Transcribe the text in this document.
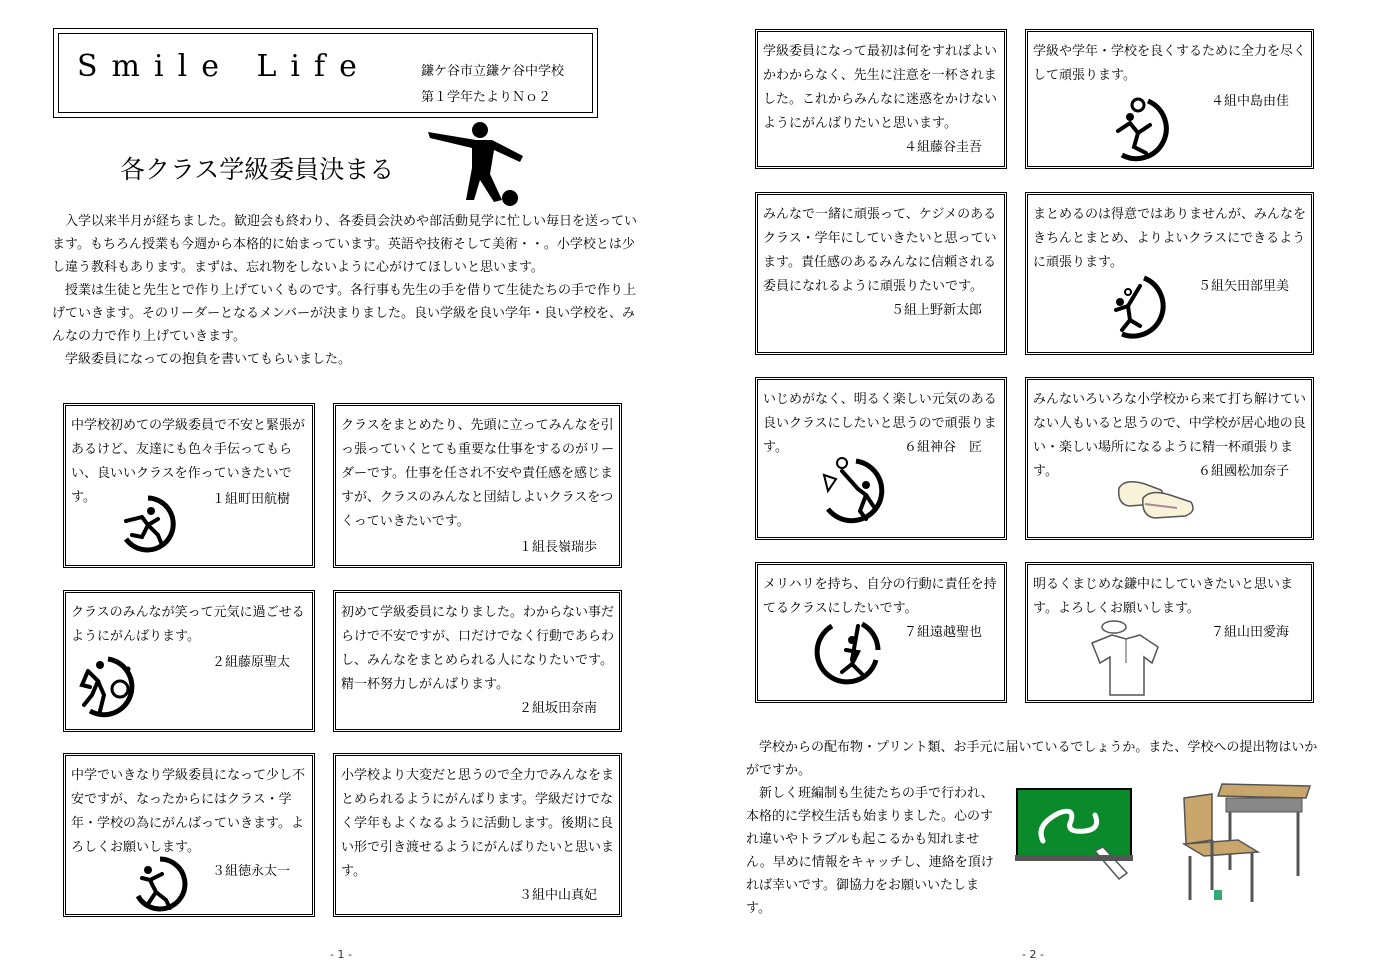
Smile Life	鎌ケ谷市立鎌ケ谷中学校
第１学年たよりＮｏ２
各クラス学級委員決まる

入学以来半月が経ちました。歓迎会も終わり、各委員会決めや部活動見学に忙しい毎日を送っています。もちろん授業も今週から本格的に始まっています。英語や技術そして美術・・。小学校とは少し違う教科もあります。まずは、忘れ物をしないように心がけてほしいと思います。

授業は生徒と先生とで作り上げていくものです。各行事も先生の手を借りて生徒たちの手で作り上げていきます。そのリーダーとなるメンバーが決まりました。良い学級を良い学年・良い学校を、みんなの力で作り上げていきます。

学級委員になっての抱負を書いてもらいました。

中学校初めての学級委員で不安と緊張があるけど、友達にも色々手伝ってもらい、良いいクラスを作っていきたいです。	１組町田航樹
クラスをまとめたり、先頭に立ってみんなを引っ張っていくとても重要な仕事をするのがリーダーです。仕事を任され不安や責任感を感じますが、クラスのみんなと団結しよいクラスをつくっていきたいです。
１組長嶺瑞歩
クラスのみんなが笑って元気に過ごせるようにがんばります。
２組藤原聖太
初めて学級委員になりました。わからない事だらけで不安ですが、口だけでなく行動であらわし、みんなをまとめられる人になりたいです。精一杯努力しがんばります。
２組坂田奈南
中学でいきなり学級委員になって少し不安ですが、なったからにはクラス・学年・学校の為にがんばっていきます。よろしくお願いします。
３組徳永太一
小学校より大変だと思うので全力でみんなをまとめられるようにがんばります。学級だけでなく学年もよくなるように活動します。後期に良い形で引き渡せるようにがんばりたいと思います。
３組中山真妃
- 1 -
学級委員になって最初は何をすればよいかわからなく、先生に注意を一杯されました。これからみんなに迷惑をかけないようにがんばりたいと思います。
４組藤谷圭吾
学級や学年・学校を良くするために全力を尽くして頑張ります。
４組中島由佳
みんなで一緒に頑張って、ケジメのあるクラス・学年にしていきたいと思っています。責任感のあるみんなに信頼される委員になれるように頑張りたいです。
５組上野新太郎
まとめるのは得意ではありませんが、みんなをきちんとまとめ、よりよいクラスにできるように頑張ります。
５組矢田部里美
いじめがなく、明るく楽しい元気のある良いクラスにしたいと思うので頑張ります。	６組神谷　匠
みんないろいろな小学校から来て打ち解けていない人もいると思うので、中学校が居心地の良い・楽しい場所になるように精一杯頑張ります。	６組國松加奈子
メリハリを持ち、自分の行動に責任を持てるクラスにしたいです。
７組遠越聖也
明るくまじめな鎌中にしていきたいと思います。よろしくお願いします。
７組山田愛海

学校からの配布物・プリント類、お手元に届いているでしょうか。また、学校への提出物はいかがですか。

新しく班編制も生徒たちの手で行われ、本格的に学校生活も始まりました。心のすれ違いやトラブルも起こるかも知れません。早めに情報をキャッチし、連絡を頂ければ幸いです。御協力をお願いいたします。

- 2 -
